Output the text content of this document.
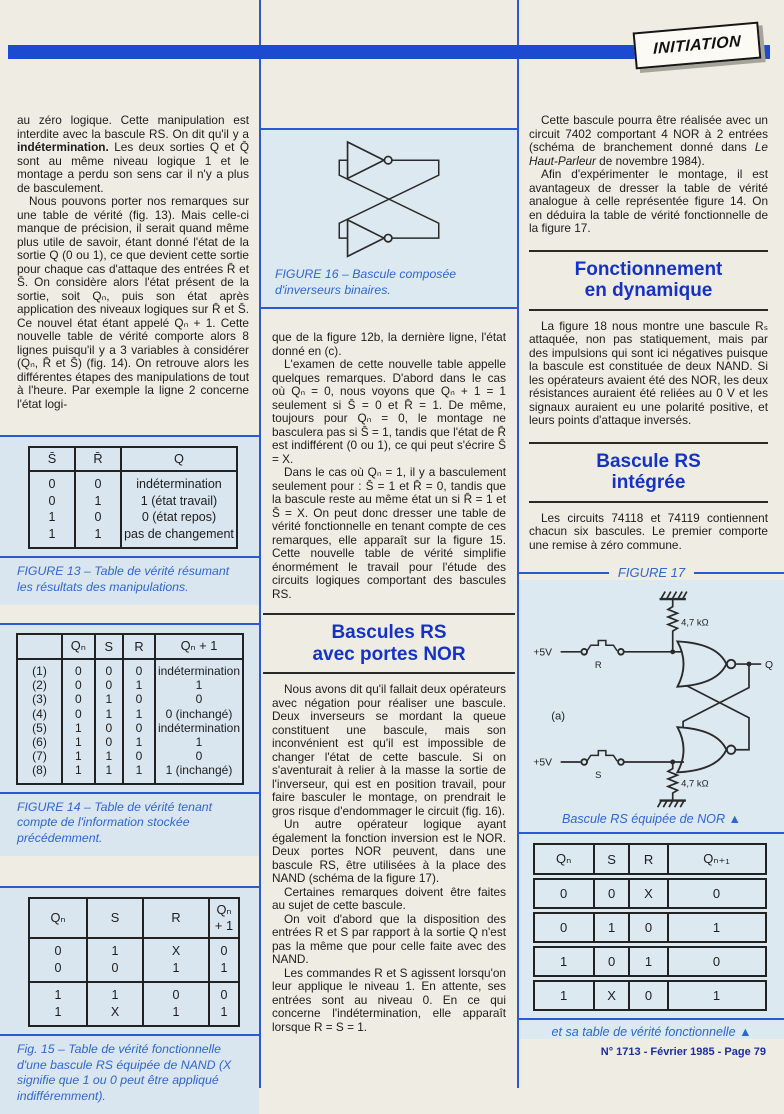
INITIATION

au zéro logique. Cette manipulation est interdite avec la bascule RS. On dit qu'il y a indétermination. Les deux sorties Q et Q̄ sont au même niveau logique 1 et le montage a perdu son sens car il n'y a plus de basculement.

Nous pouvons porter nos remarques sur une table de vérité (fig. 13). Mais celle-ci manque de précision, il serait quand même plus utile de savoir, étant donné l'état de la sortie Q (0 ou 1), ce que devient cette sortie pour chaque cas d'attaque des entrées R̄ et S̄. On considère alors l'état présent de la sortie, soit Qₙ, puis son état après application des niveaux logiques sur R̄ et S̄. Ce nouvel état étant appelé Qₙ + 1. Cette nouvelle table de vérité comporte alors 8 lignes puisqu'il y a 3 variables à considérer (Qₙ, R̄ et S̄) (fig. 14). On retrouve alors les différentes étapes des manipulations de tout à l'heure. Par exemple la ligne 2 concerne l'état logi-

S̄	R̄	Q
0	0	indétermination
0	1	1 (état travail)
1	0	0 (état repos)
1	1	pas de changement

FIGURE 13 – Table de vérité résumant les résultats des manipulations.

	Qₙ	S	R	Qₙ + 1
(1)	0	0	0	indétermination
(2)	0	0	1	1
(3)	0	1	0	0
(4)	0	1	1	0 (inchangé)
(5)	1	0	0	indétermination
(6)	1	0	1	1
(7)	1	1	0	0
(8)	1	1	1	1 (inchangé)

FIGURE 14 – Table de vérité tenant compte de l'information stockée précédemment.

Qₙ	S	R	Qₙ + 1
0	1	X	0
0	0	1	1
1	1	0	0
1	X	1	1

Fig. 15 – Table de vérité fonctionnelle d'une bascule RS équipée de NAND (X signifie que 1 ou 0 peut être appliqué indifféremment).

FIGURE 16 – Bascule composée d'inverseurs binaires.

que de la figure 12b, la dernière ligne, l'état donné en (c).

L'examen de cette nouvelle table appelle quelques remarques. D'abord dans le cas où Qₙ = 0, nous voyons que Qₙ + 1 = 1 seulement si S̄ = 0 et R̄ = 1. De même, toujours pour Qₙ = 0, le montage ne basculera pas si S̄ = 1, tandis que l'état de R̄ est indifférent (0 ou 1), ce qui peut s'écrire S̄ = X.

Dans le cas où Qₙ = 1, il y a basculement seulement pour : S̄ = 1 et R̄ = 0, tandis que la bascule reste au même état un si R̄ = 1 et S̄ = X. On peut donc dresser une table de vérité fonctionnelle en tenant compte de ces remarques, elle apparaît sur la figure 15. Cette nouvelle table de vérité simplifie énormément le travail pour l'étude des circuits logiques comportant des bascules RS.

Bascules RS
avec portes NOR

Nous avons dit qu'il fallait deux opérateurs avec négation pour réaliser une bascule. Deux inverseurs se mordant la queue constituent une bascule, mais son inconvénient est qu'il est impossible de changer l'état de cette bascule. Si on s'aventurait à relier à la masse la sortie de l'inverseur, qui est en position travail, pour faire basculer le montage, on prendrait le gros risque d'endommager le circuit (fig. 16).

Un autre opérateur logique ayant également la fonction inversion est le NOR. Deux portes NOR peuvent, dans une bascule RS, être utilisées à la place des NAND (schéma de la figure 17).

Certaines remarques doivent être faites au sujet de cette bascule.

On voit d'abord que la disposition des entrées R et S par rapport à la sortie Q n'est pas la même que pour celle faite avec des NAND.

Les commandes R et S agissent lorsqu'on leur applique le niveau 1. En attente, ses entrées sont au niveau 0. En ce qui concerne l'indétermination, elle apparaît lorsque R = S = 1.

Cette bascule pourra être réalisée avec un circuit 7402 comportant 4 NOR à 2 entrées (schéma de branchement donné dans Le Haut-Parleur de novembre 1984).

Afin d'expérimenter le montage, il est avantageux de dresser la table de vérité analogue à celle représentée figure 14. On en déduira la table de vérité fonctionnelle de la figure 17.

Fonctionnement
en dynamique

La figure 18 nous montre une bascule Rₛ attaquée, non pas statiquement, mais par des impulsions qui sont ici négatives puisque la bascule est constituée de deux NAND. Si les opérateurs avaient été des NOR, les deux résistances auraient été reliées au 0 V et les signaux auraient eu une polarité positive, et leurs points d'attaque inversés.

Bascule RS
intégrée

Les circuits 74118 et 74119 contiennent chacun six bascules. Le premier comporte une remise à zéro commune.

FIGURE 17
4,7 kΩ
+5V
R	Q
(a)
+5V
S
4,7 kΩ

Bascule RS équipée de NOR ▲

Qₙ	S	R	Qₙ₊₁
0	0	X	0
0	1	0	1
1	0	1	0
1	X	0	1

et sa table de vérité fonctionnelle ▲

N° 1713 - Février 1985 - Page 79
